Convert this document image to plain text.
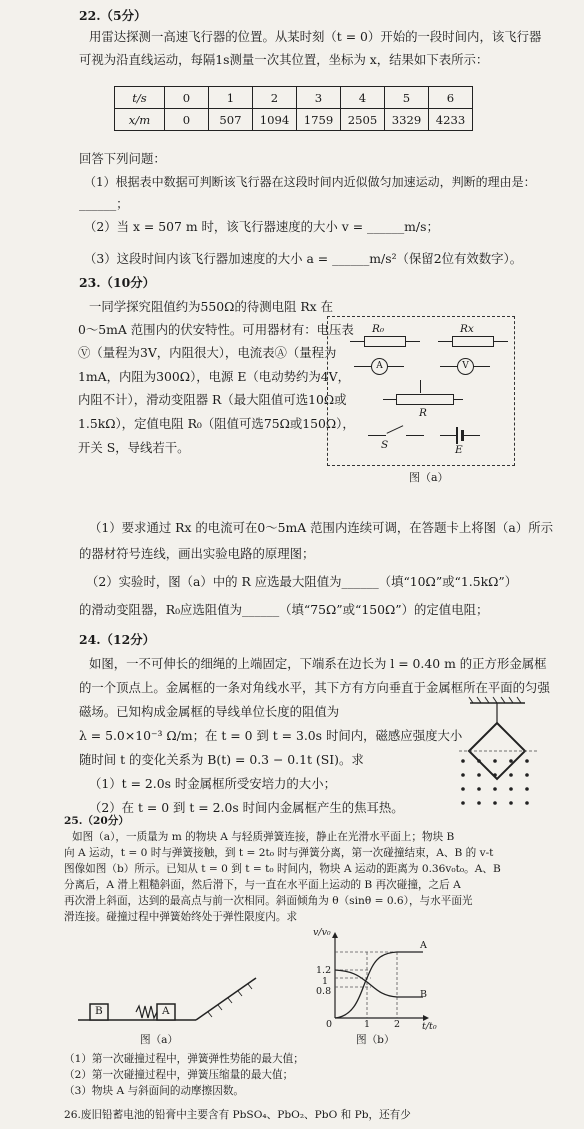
22.（5分）
用雷达探测一高速飞行器的位置。从某时刻（t = 0）开始的一段时间内，该飞行器
可视为沿直线运动，每隔1s测量一次其位置，坐标为 x，结果如下表所示：
t/s	0	1	2	3	4	5	6
x/m	0	507	1094	1759	2505	3329	4233
回答下列问题：
（1）根据表中数据可判断该飞行器在这段时间内近似做匀加速运动，判断的理由是：
______；
（2）当 x = 507 m 时，该飞行器速度的大小 v = ______m/s；
（3）这段时间内该飞行器加速度的大小 a = ______m/s²（保留2位有效数字）。
23.（10分）
一同学探究阻值约为550Ω的待测电阻 Rx 在
0～5mA 范围内的伏安特性。可用器材有：电压表
Ⓥ（量程为3V，内阻很大），电流表Ⓐ（量程为
1mA，内阻为300Ω），电源 E（电动势约为4V，
内阻不计），滑动变阻器 R（最大阻值可选10Ω或
1.5kΩ），定值电阻 R₀（阻值可选75Ω或150Ω），
开关 S，导线若干。
R₀	Rx
A	V
R
S	E
图（a）
（1）要求通过 Rx 的电流可在0～5mA 范围内连续可调，在答题卡上将图（a）所示
的器材符号连线，画出实验电路的原理图；
（2）实验时，图（a）中的 R 应选最大阻值为______（填“10Ω”或“1.5kΩ”）
的滑动变阻器，R₀应选阻值为______（填“75Ω”或“150Ω”）的定值电阻；
24.（12分）
如图，一不可伸长的细绳的上端固定，下端系在边长为 l = 0.40 m 的正方形金属框
的一个顶点上。金属框的一条对角线水平，其下方有方向垂直于金属框所在平面的匀强
磁场。已知构成金属框的导线单位长度的阻值为
λ = 5.0×10⁻³ Ω/m；在 t = 0 到 t = 3.0s 时间内，磁感应强度大小
随时间 t 的变化关系为 B(t) = 0.3 − 0.1t (SI)。求
（1）t = 2.0s 时金属框所受安培力的大小；
（2）在 t = 0 到 t = 2.0s 时间内金属框产生的焦耳热。
25.（20分）
如图（a），一质量为 m 的物块 A 与轻质弹簧连接，静止在光滑水平面上；物块 B
向 A 运动，t = 0 时与弹簧接触，到 t = 2t₀ 时与弹簧分离，第一次碰撞结束，A、B 的 v-t
图像如图（b）所示。已知从 t = 0 到 t = t₀ 时间内，物块 A 运动的距离为 0.36v₀t₀。A、B
分离后，A 滑上粗糙斜面，然后滑下，与一直在水平面上运动的 B 再次碰撞，之后 A
再次滑上斜面，达到的最高点与前一次相同。斜面倾角为 θ（sinθ = 0.6），与水平面光
滑连接。碰撞过程中弹簧始终处于弹性限度内。求
B	A
图（a）
v/v₀
1.2
1
0.8
0	1	2 t/t₀
A
B
图（b）
（1）第一次碰撞过程中，弹簧弹性势能的最大值；
（2）第一次碰撞过程中，弹簧压缩量的最大值；
（3）物块 A 与斜面间的动摩擦因数。
26.废旧铅蓄电池的铅膏中主要含有 PbSO₄、PbO₂、PbO 和 Pb，还有少
